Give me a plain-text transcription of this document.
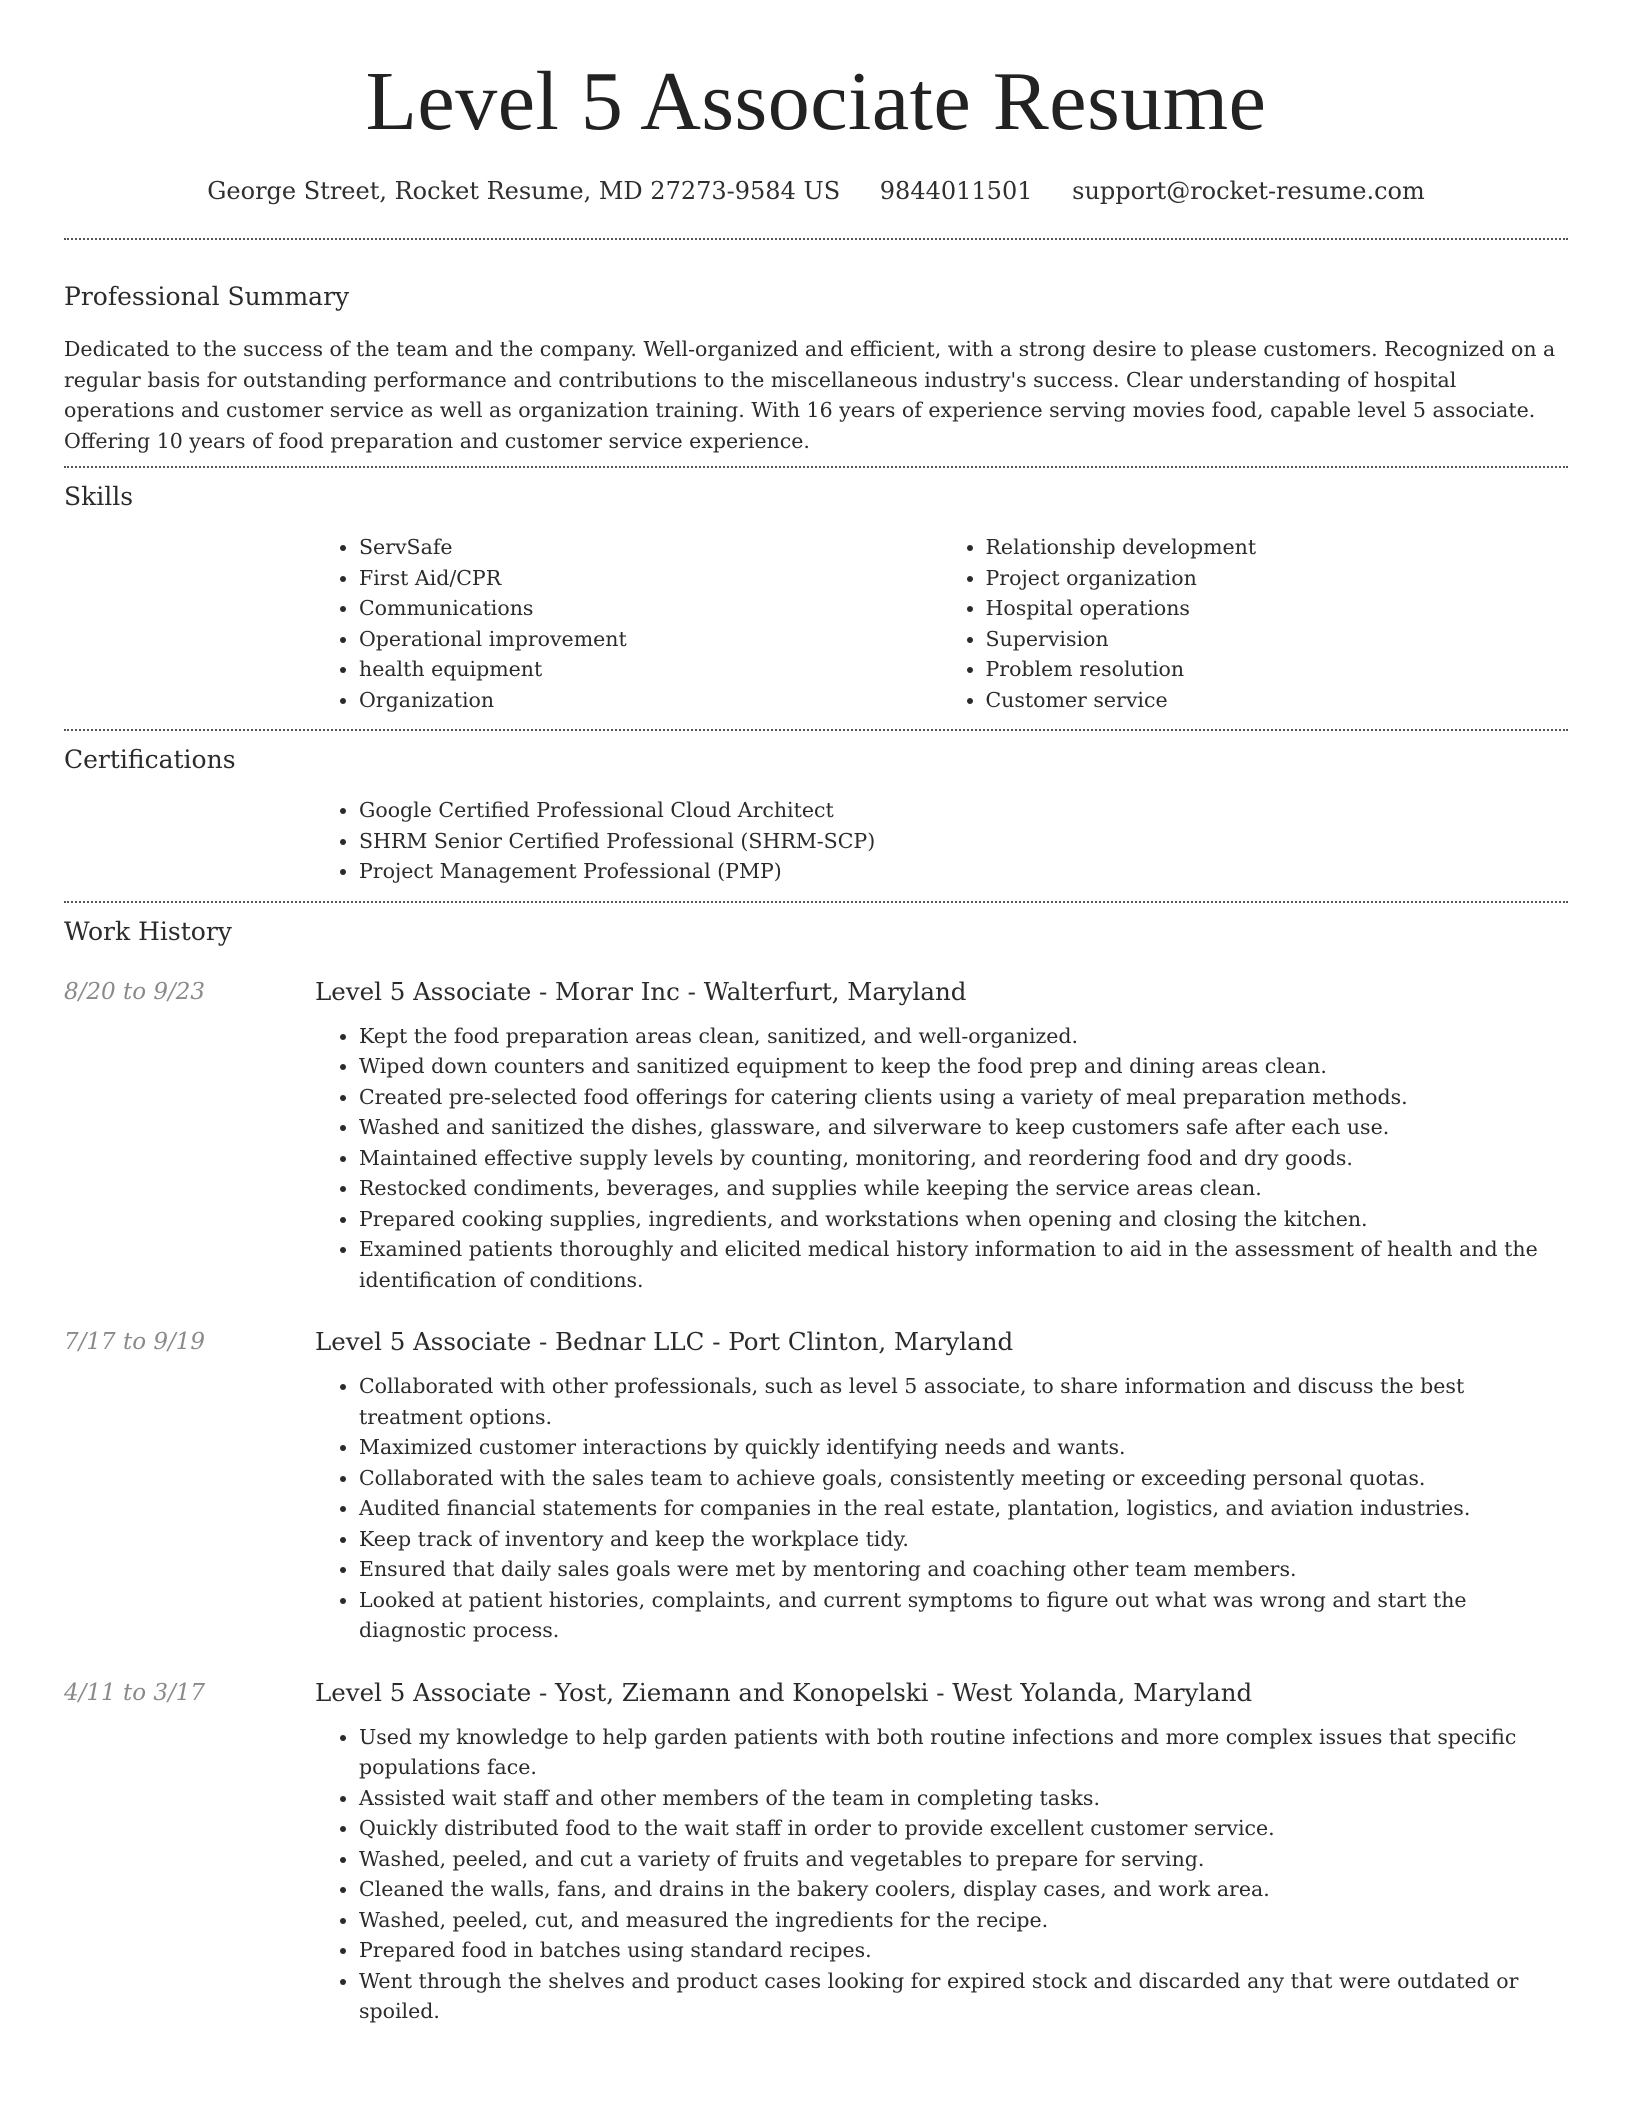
Level 5 Associate Resume
George Street, Rocket Resume, MD 27273-9584 US 9844011501 support@rocket-resume.com
Professional Summary
Dedicated to the success of the team and the company. Well-organized and efficient, with a strong desire to please customers. Recognized on a regular basis for outstanding performance and contributions to the miscellaneous industry's success. Clear understanding of hospital operations and customer service as well as organization training. With 16 years of experience serving movies food, capable level 5 associate. Offering 10 years of food preparation and customer service experience.
Skills
• ServSafe
• First Aid/CPR
• Communications
• Operational improvement
• health equipment
• Organization
• Relationship development
• Project organization
• Hospital operations
• Supervision
• Problem resolution
• Customer service
Certifications
• Google Certified Professional Cloud Architect
• SHRM Senior Certified Professional (SHRM-SCP)
• Project Management Professional (PMP)
Work History
8/20 to 9/23	Level 5 Associate - Morar Inc - Walterfurt, Maryland
• Kept the food preparation areas clean, sanitized, and well-organized.
• Wiped down counters and sanitized equipment to keep the food prep and dining areas clean.
• Created pre-selected food offerings for catering clients using a variety of meal preparation methods.
• Washed and sanitized the dishes, glassware, and silverware to keep customers safe after each use.
• Maintained effective supply levels by counting, monitoring, and reordering food and dry goods.
• Restocked condiments, beverages, and supplies while keeping the service areas clean.
• Prepared cooking supplies, ingredients, and workstations when opening and closing the kitchen.
• Examined patients thoroughly and elicited medical history information to aid in the assessment of health and the identification of conditions.
7/17 to 9/19	Level 5 Associate - Bednar LLC - Port Clinton, Maryland
• Collaborated with other professionals, such as level 5 associate, to share information and discuss the best treatment options.
• Maximized customer interactions by quickly identifying needs and wants.
• Collaborated with the sales team to achieve goals, consistently meeting or exceeding personal quotas.
• Audited financial statements for companies in the real estate, plantation, logistics, and aviation industries.
• Keep track of inventory and keep the workplace tidy.
• Ensured that daily sales goals were met by mentoring and coaching other team members.
• Looked at patient histories, complaints, and current symptoms to figure out what was wrong and start the diagnostic process.
4/11 to 3/17	Level 5 Associate - Yost, Ziemann and Konopelski - West Yolanda, Maryland
• Used my knowledge to help garden patients with both routine infections and more complex issues that specific populations face.
• Assisted wait staff and other members of the team in completing tasks.
• Quickly distributed food to the wait staff in order to provide excellent customer service.
• Washed, peeled, and cut a variety of fruits and vegetables to prepare for serving.
• Cleaned the walls, fans, and drains in the bakery coolers, display cases, and work area.
• Washed, peeled, cut, and measured the ingredients for the recipe.
• Prepared food in batches using standard recipes.
• Went through the shelves and product cases looking for expired stock and discarded any that were outdated or spoiled.
